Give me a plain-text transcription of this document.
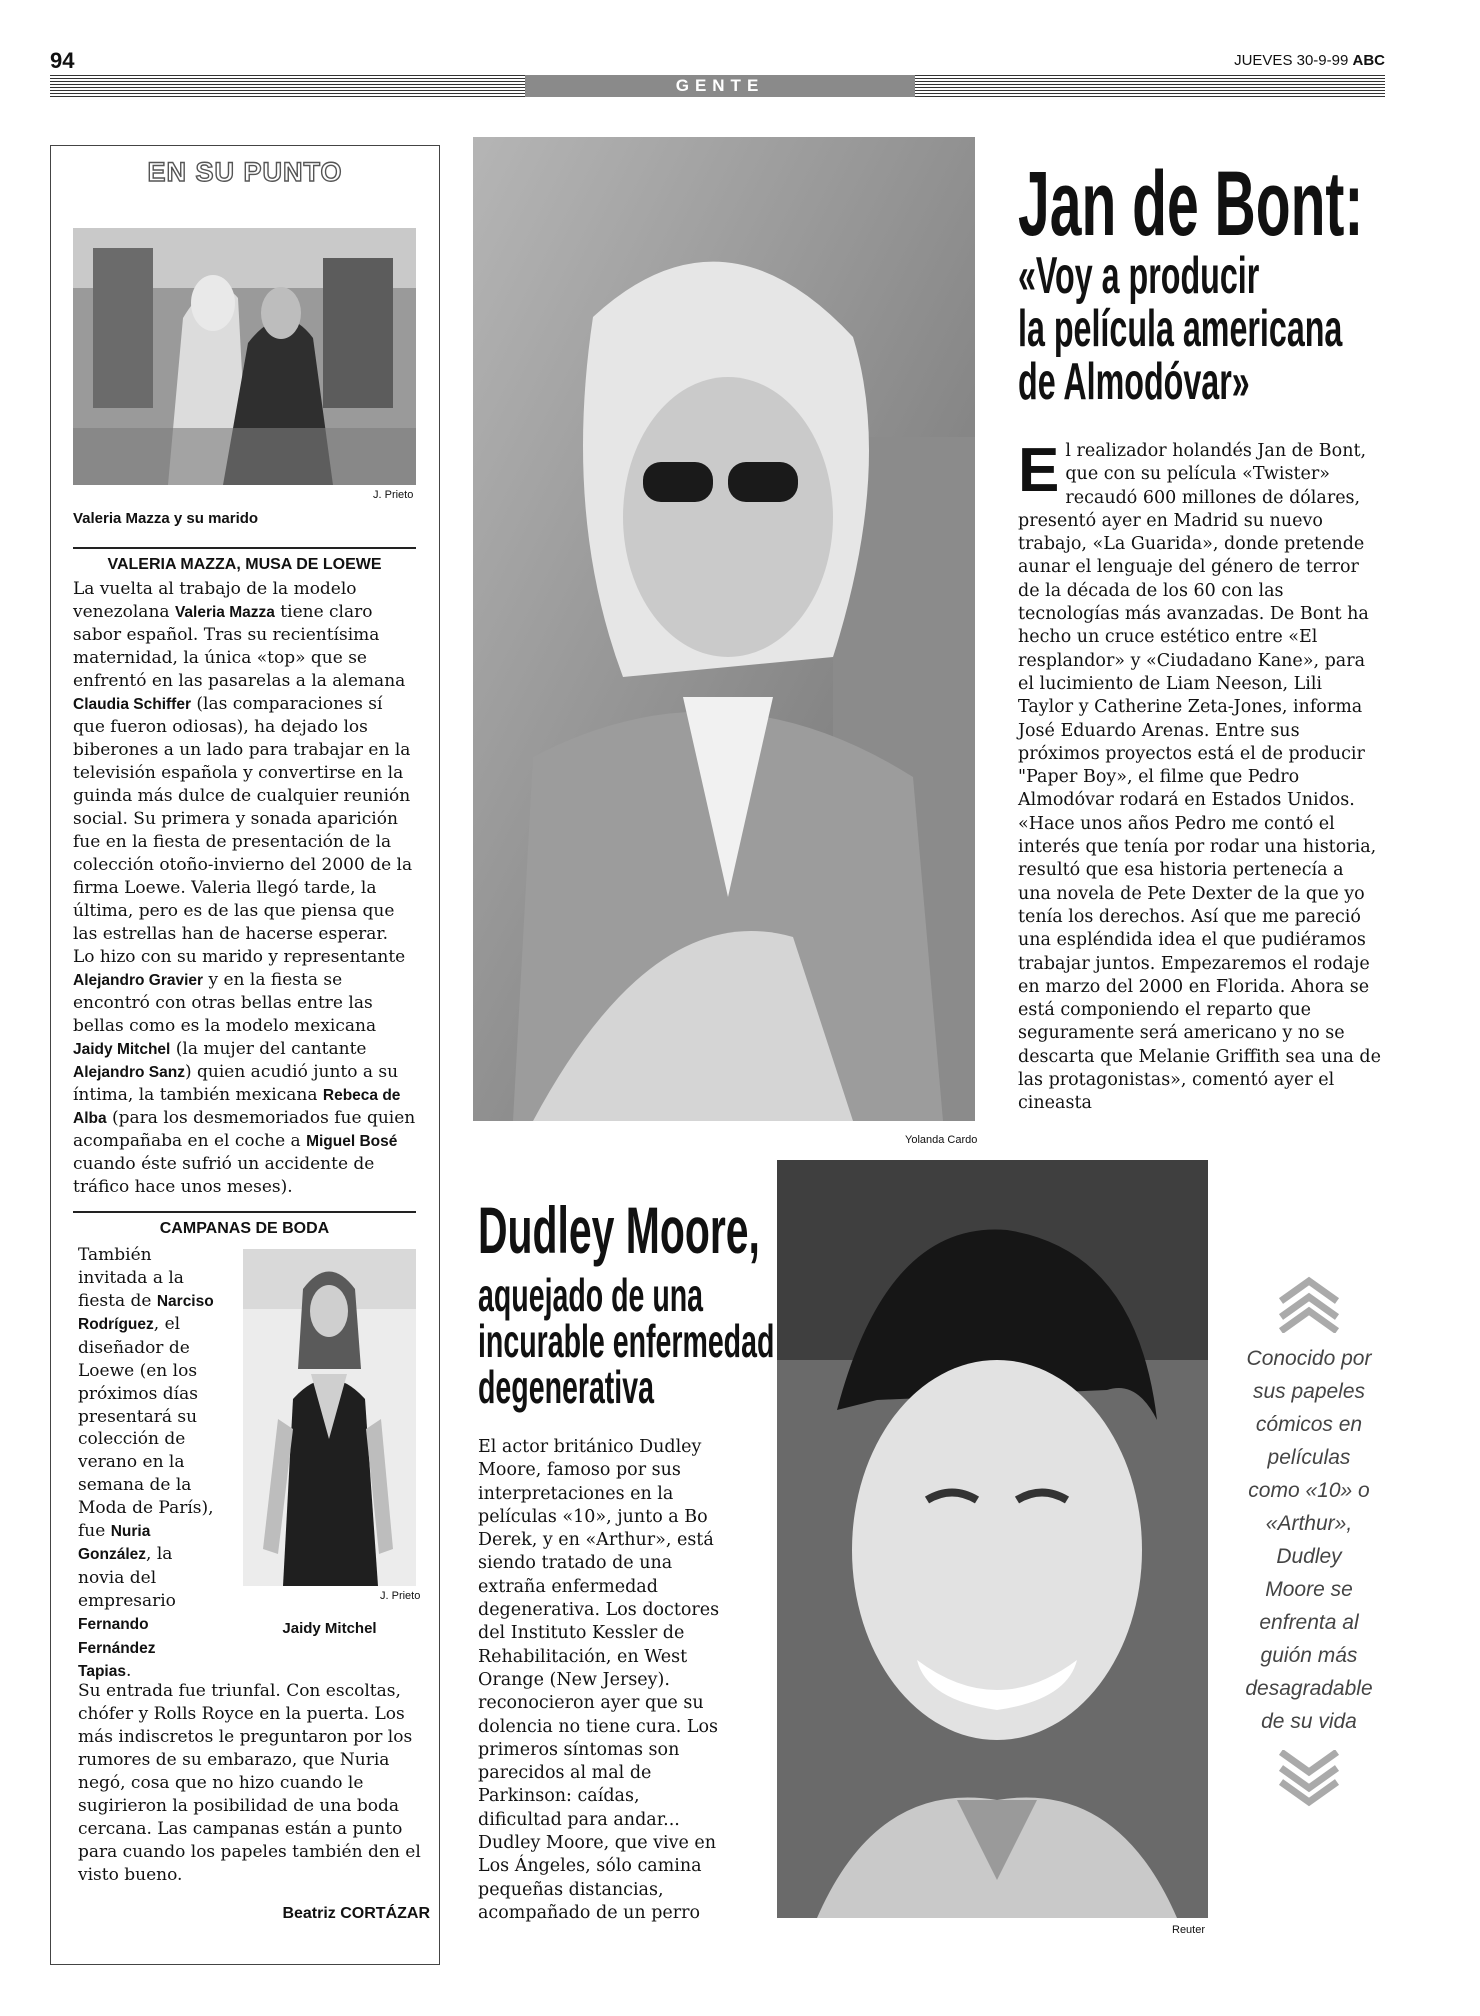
94	JUEVES 30-9-99 ABC
GENTE
EN SU PUNTO
J. Prieto
Valeria Mazza y su marido
VALERIA MAZZA, MUSA DE LOEWE

La vuelta al trabajo de la modelo venezolana Valeria Mazza tiene claro sabor español. Tras su recientísima maternidad, la única «top» que se enfrentó en las pasarelas a la alemana Claudia Schiffer (las comparaciones sí que fueron odiosas), ha dejado los biberones a un lado para trabajar en la televisión española y convertirse en la guinda más dulce de cualquier reunión social. Su primera y sonada aparición fue en la fiesta de presentación de la colección otoño-invierno del 2000 de la firma Loewe. Valeria llegó tarde, la última, pero es de las que piensa que las estrellas han de hacerse esperar.

Lo hizo con su marido y representante Alejandro Gravier y en la fiesta se encontró con otras bellas entre las bellas como es la modelo mexicana Jaidy Mitchel (la mujer del cantante Alejandro Sanz) quien acudió junto a su íntima, la también mexicana Rebeca de Alba (para los desmemoriados fue quien acompañaba en el coche a Miguel Bosé cuando éste sufrió un accidente de tráfico hace unos meses).

CAMPANAS DE BODA
También
invitada a la
fiesta de Narciso
Rodríguez, el
diseñador de
Loewe (en los
próximos días
presentará su
colección de
verano en la
semana de la
Moda de París),
fue Nuria
González, la
novia del
empresario
Fernando
Fernández
Tapias.
J. Prieto
Jaidy Mitchel

Su entrada fue triunfal. Con escoltas, chófer y Rolls Royce en la puerta. Los más indiscretos le preguntaron por los rumores de su embarazo, que Nuria negó, cosa que no hizo cuando le sugirieron la posibilidad de una boda cercana. Las campanas están a punto para cuando los papeles también den el visto bueno.

Beatriz CORTÁZAR
Yolanda Cardo
Jan de Bont:
«Voy a producir
la película americana
de Almodóvar»

El realizador holandés Jan de Bont, que con su película «Twister» recaudó 600 millones de dólares, presentó ayer en Madrid su nuevo trabajo, «La Guarida», donde pretende aunar el lenguaje del género de terror de la década de los 60 con las tecnologías más avanzadas. De Bont ha hecho un cruce estético entre «El resplandor» y «Ciudadano Kane», para el lucimiento de Liam Neeson, Lili Taylor y Catherine Zeta-Jones, informa José Eduardo Arenas. Entre sus próximos proyectos está el de producir "Paper Boy», el filme que Pedro Almodóvar rodará en Estados Unidos. «Hace unos años Pedro me contó el interés que tenía por rodar una historia, resultó que esa historia pertenecía a una novela de Pete Dexter de la que yo tenía los derechos. Así que me pareció una espléndida idea el que pudiéramos trabajar juntos. Empezaremos el rodaje en marzo del 2000 en Florida. Ahora se está componiendo el reparto que seguramente será americano y no se descarta que Melanie Griffith sea una de las protagonistas», comentó ayer el cineasta

Dudley Moore,
aquejado de una
incurable enfermedad
degenerativa

El actor británico Dudley Moore, famoso por sus interpretaciones en la películas «10», junto a Bo Derek, y en «Arthur», está siendo tratado de una extraña enfermedad degenerativa. Los doctores del Instituto Kessler de Rehabilitación, en West Orange (New Jersey). reconocieron ayer que su dolencia no tiene cura. Los primeros síntomas son parecidos al mal de Parkinson: caídas, dificultad para andar... Dudley Moore, que vive en Los Ángeles, sólo camina pequeñas distancias, acompañado de un perro

Reuter
Conocido por
sus papeles
cómicos en
películas
como «10» o
«Arthur»,
Dudley
Moore se
enfrenta al
guión más
desagradable
de su vida
